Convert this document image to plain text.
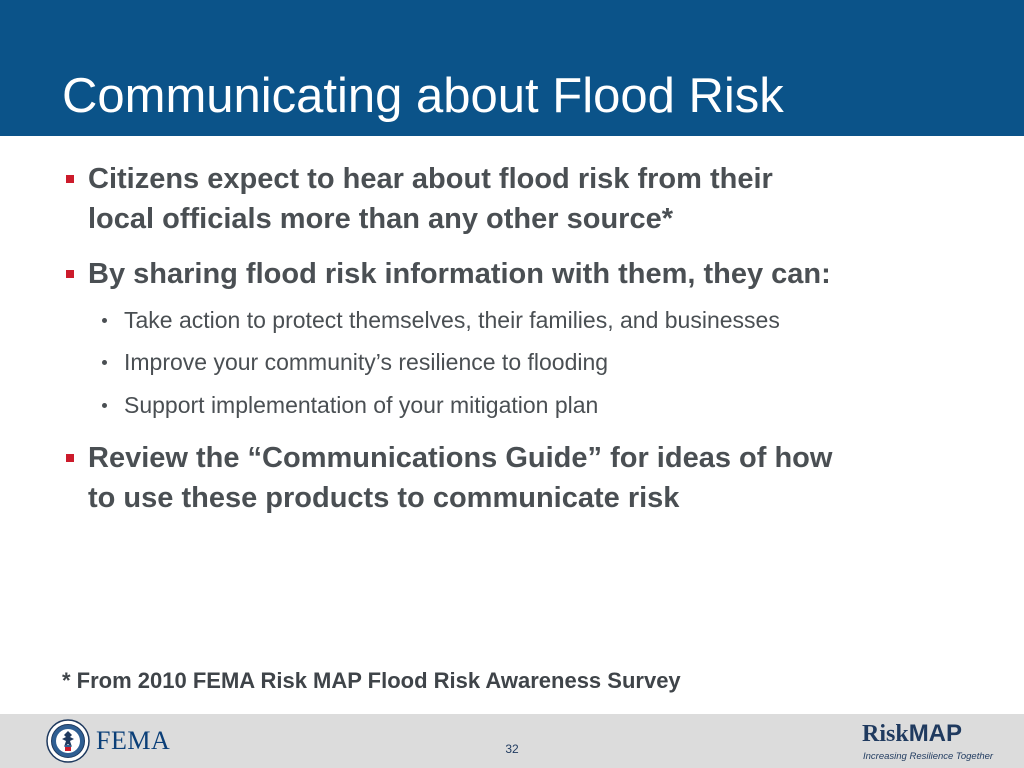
Communicating about Flood Risk
Citizens expect to hear about flood risk from their
local officials more than any other source*
By sharing flood risk information with them, they can:
Take action to protect themselves, their families, and businesses
Improve your community’s resilience to flooding
Support implementation of your mitigation plan
Review the “Communications Guide” for ideas of how
to use these products to communicate risk
* From 2010 FEMA Risk MAP Flood Risk Awareness Survey
FEMA	32
RiskMAP
Increasing Resilience Together
